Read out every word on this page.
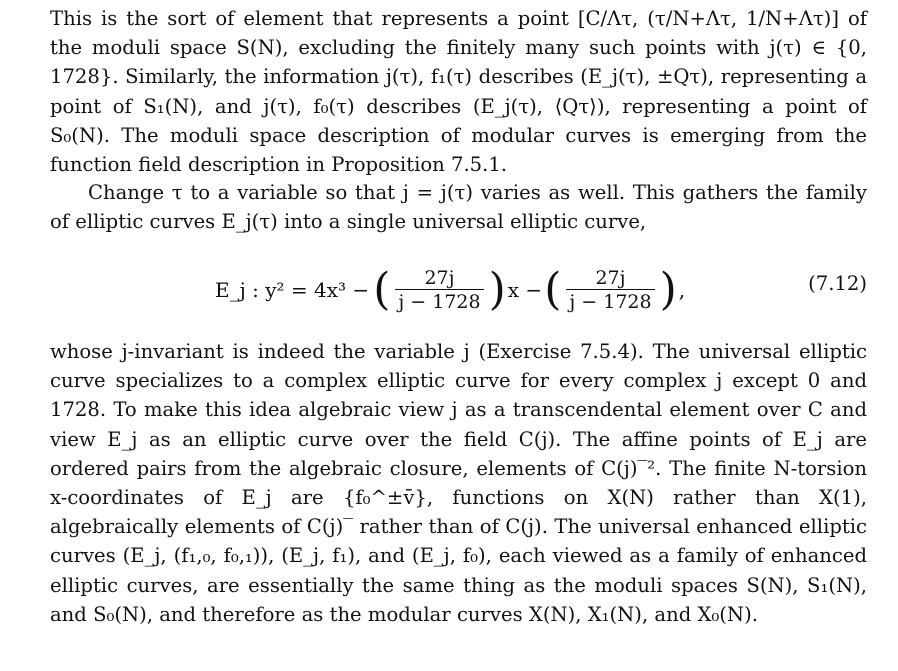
This is the sort of element that represents a point [C/Λτ, (τ/N+Λτ, 1/N+Λτ)] of the moduli space S(N), excluding the finitely many such points with j(τ) ∈ {0, 1728}. Similarly, the information j(τ), f₁(τ) describes (E_j(τ), ±Qτ), representing a point of S₁(N), and j(τ), f₀(τ) describes (E_j(τ), ⟨Qτ⟩), representing a point of S₀(N). The moduli space description of modular curves is emerging from the function field description in Proposition 7.5.1.

Change τ to a variable so that j = j(τ) varies as well. This gathers the family of elliptic curves E_j(τ) into a single universal elliptic curve,

E_j : y² = 4x³ − ( $\frac{27j}{j - 1728}$ ) x − ( $\frac{27j}{j - 1728}$ ) ,	(7.12)

whose j-invariant is indeed the variable j (Exercise 7.5.4). The universal elliptic curve specializes to a complex elliptic curve for every complex j except 0 and 1728. To make this idea algebraic view j as a transcendental element over C and view E_j as an elliptic curve over the field C(j). The affine points of E_j are ordered pairs from the algebraic closure, elements of C(j)‾². The finite N-torsion x-coordinates of E_j are {f₀^±v̄}, functions on X(N) rather than X(1), algebraically elements of C(j)‾ rather than of C(j). The universal enhanced elliptic curves (E_j, (f₁,₀, f₀,₁)), (E_j, f₁), and (E_j, f₀), each viewed as a family of enhanced elliptic curves, are essentially the same thing as the moduli spaces S(N), S₁(N), and S₀(N), and therefore as the modular curves X(N), X₁(N), and X₀(N).
